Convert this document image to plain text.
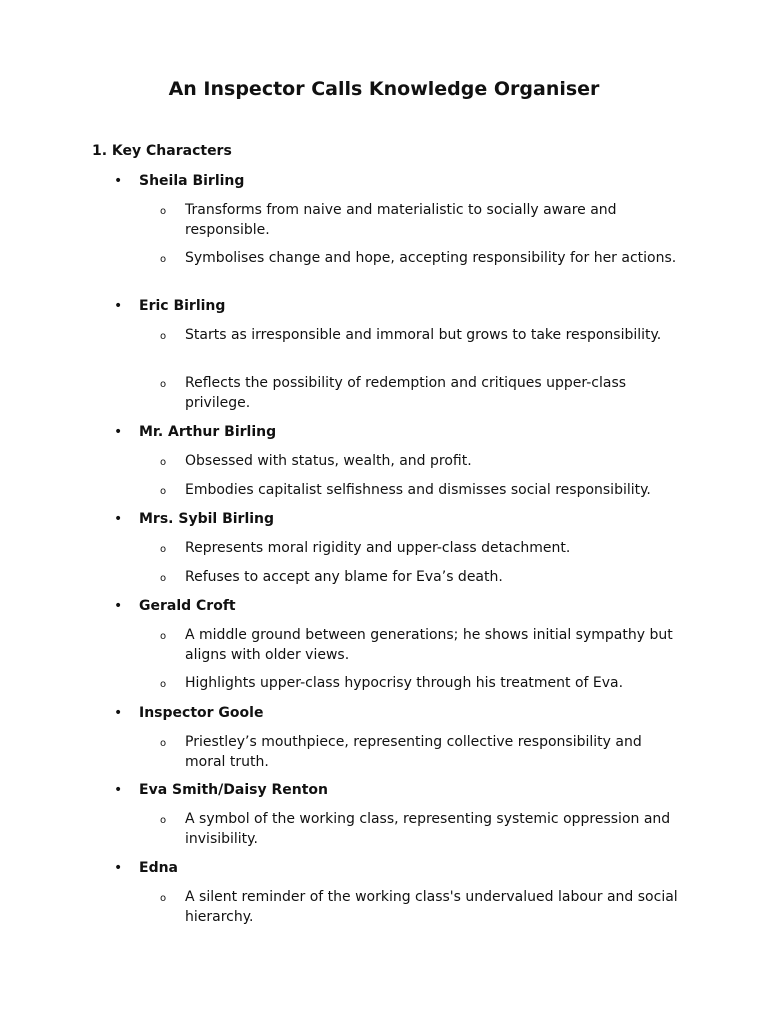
An Inspector Calls Knowledge Organiser
1. Key Characters
• Sheila Birling
o Transforms from naive and materialistic to socially aware and responsible.
o Symbolises change and hope, accepting responsibility for her actions.
• Eric Birling
o Starts as irresponsible and immoral but grows to take responsibility.
o Reflects the possibility of redemption and critiques upper-class privilege.
• Mr. Arthur Birling
o Obsessed with status, wealth, and profit.
o Embodies capitalist selfishness and dismisses social responsibility.
• Mrs. Sybil Birling
o Represents moral rigidity and upper-class detachment.
o Refuses to accept any blame for Eva’s death.
• Gerald Croft
o A middle ground between generations; he shows initial sympathy but aligns with older views.
o Highlights upper-class hypocrisy through his treatment of Eva.
• Inspector Goole
o Priestley’s mouthpiece, representing collective responsibility and moral truth.
• Eva Smith/Daisy Renton
o A symbol of the working class, representing systemic oppression and invisibility.
• Edna
o A silent reminder of the working class's undervalued labour and social hierarchy.
